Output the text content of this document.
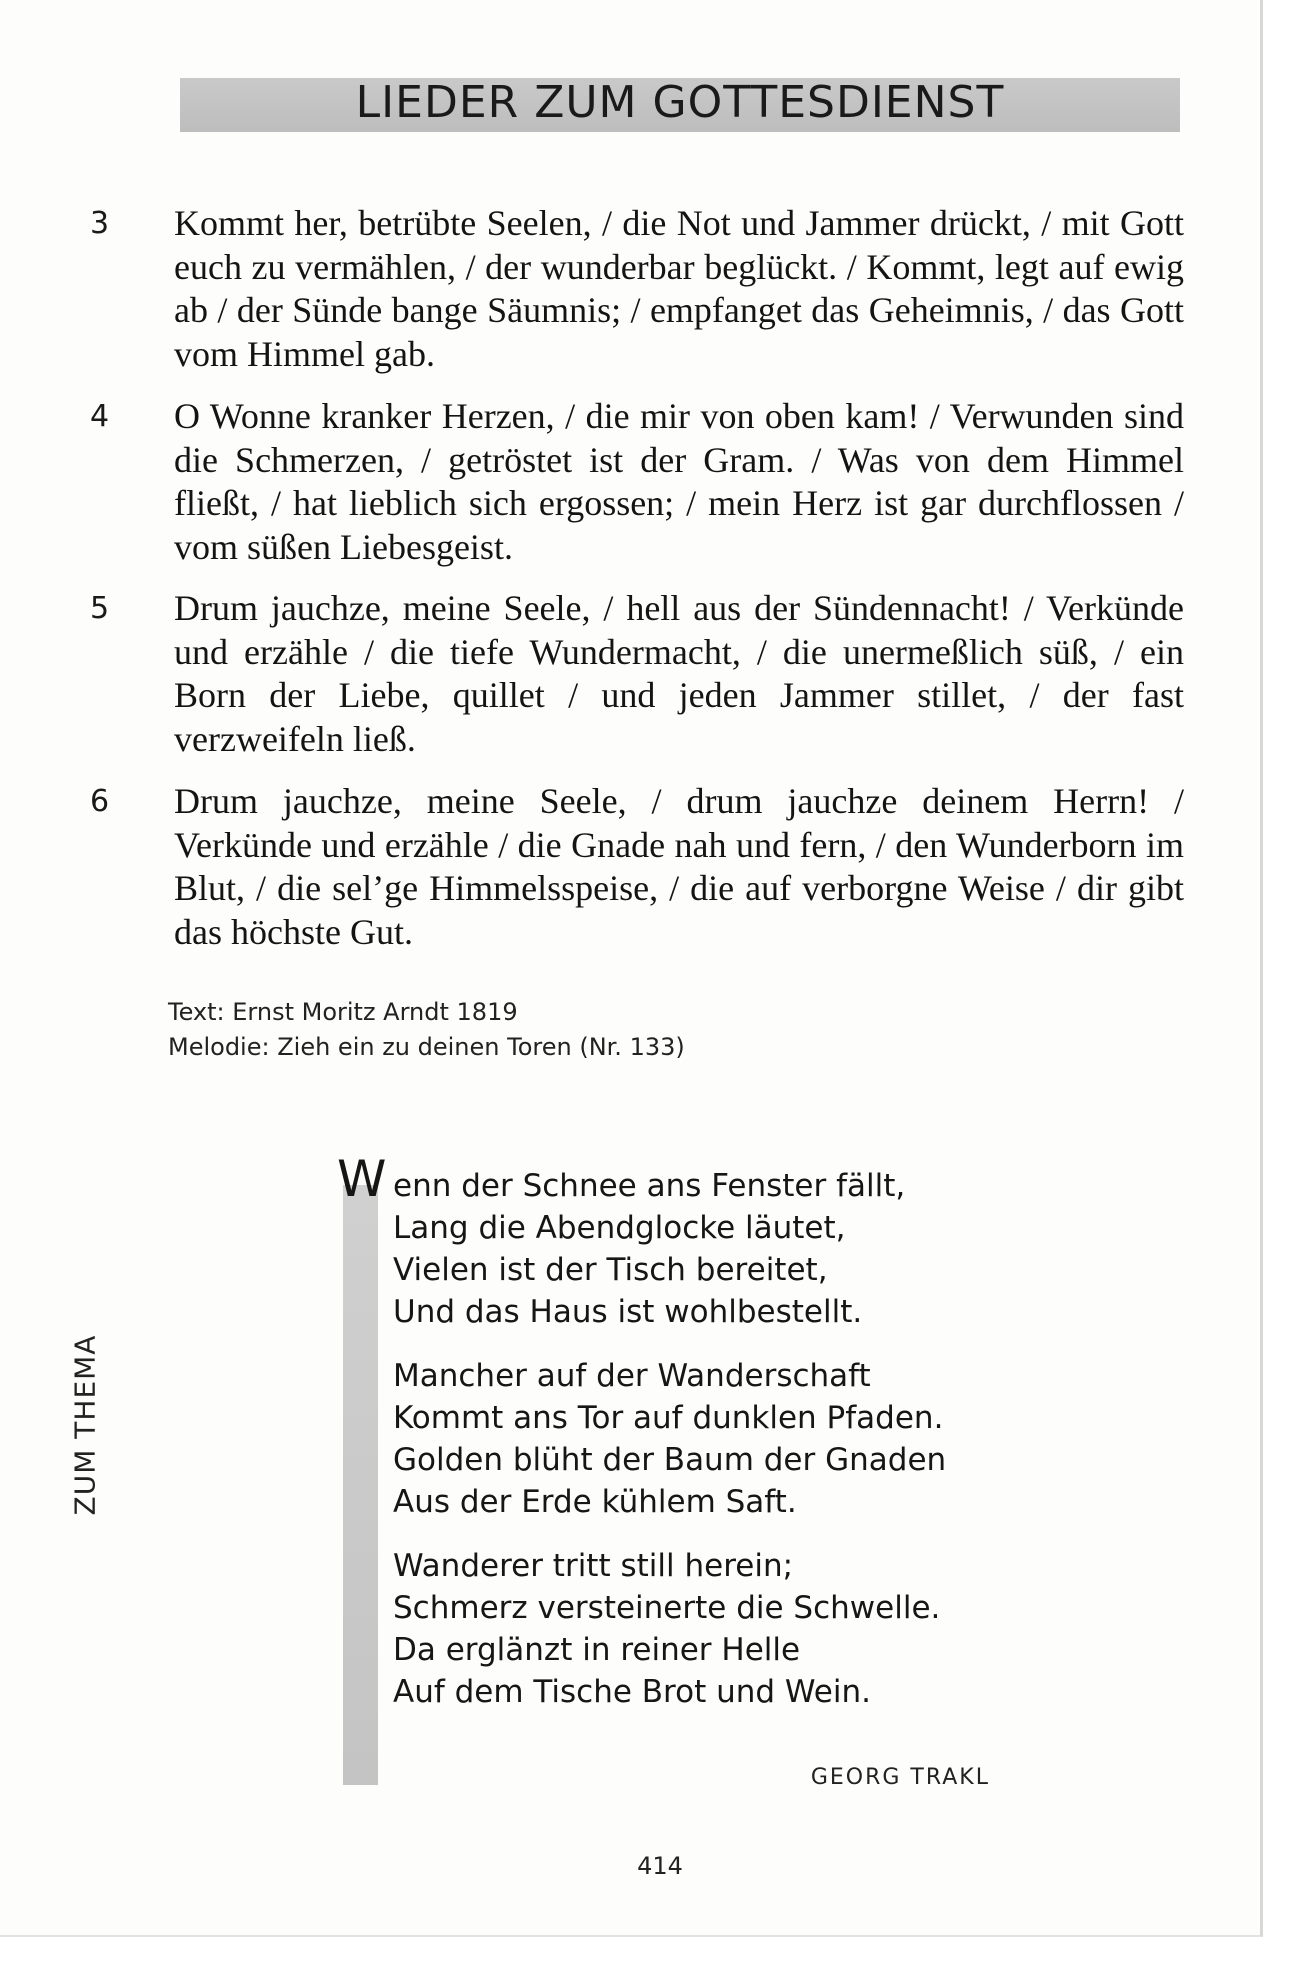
LIEDER ZUM GOTTESDIENST
3	Kommt her, betrübte Seelen, / die Not und Jammer drückt, / mit Gott euch zu vermählen, / der wunderbar beglückt. / Kommt, legt auf ewig ab / der Sünde bange Säumnis; / empfanget das Geheimnis, / das Gott vom Himmel gab.
4	O Wonne kranker Herzen, / die mir von oben kam! / Verwunden sind die Schmerzen, / getröstet ist der Gram. / Was von dem Himmel fließt, / hat lieblich sich ergossen; / mein Herz ist gar durchflossen / vom süßen Liebesgeist.
5	Drum jauchze, meine Seele, / hell aus der Sündennacht! / Verkünde und erzähle / die tiefe Wundermacht, / die unermeßlich süß, / ein Born der Liebe, quillet / und jeden Jammer stillet, / der fast verzweifeln ließ.
6	Drum jauchze, meine Seele, / drum jauchze deinem Herrn! / Verkünde und erzähle / die Gnade nah und fern, / den Wunderborn im Blut, / die sel’ge Himmelsspeise, / die auf verborgne Weise / dir gibt das höchste Gut.
Text: Ernst Moritz Arndt 1819
Melodie: Zieh ein zu deinen Toren (Nr. 133)
ZUM THEMA
W enn der Schnee ans Fenster fällt,
Lang die Abendglocke läutet,
Vielen ist der Tisch bereitet,
Und das Haus ist wohlbestellt.
Mancher auf der Wanderschaft
Kommt ans Tor auf dunklen Pfaden.
Golden blüht der Baum der Gnaden
Aus der Erde kühlem Saft.
Wanderer tritt still herein;
Schmerz versteinerte die Schwelle.
Da erglänzt in reiner Helle
Auf dem Tische Brot und Wein.
GEORG TRAKL
414
